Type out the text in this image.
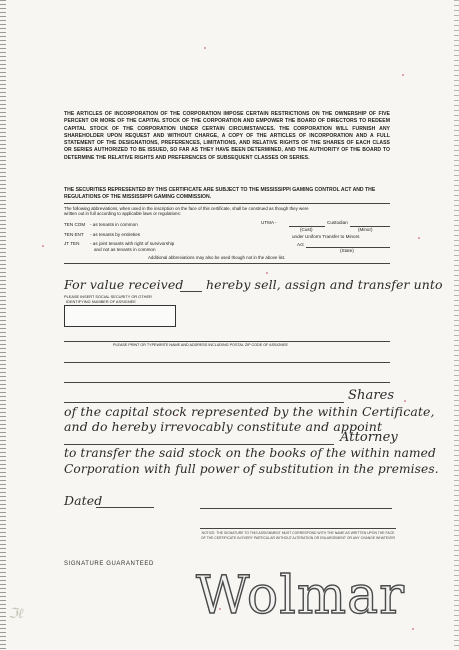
THE ARTICLES OF INCORPORATION OF THE CORPORATION IMPOSE CERTAIN RESTRICTIONS ON THE OWNERSHIP OF FIVE PERCENT OR MORE OF THE CAPITAL STOCK OF THE CORPORATION AND EMPOWER THE BOARD OF DIRECTORS TO REDEEM CAPITAL STOCK OF THE CORPORATION UNDER CERTAIN CIRCUMSTANCES. THE CORPORATION WILL FURNISH ANY SHAREHOLDER UPON REQUEST AND WITHOUT CHARGE, A COPY OF THE ARTICLES OF INCORPORATION AND A FULL STATEMENT OF THE DESIGNATIONS, PREFERENCES, LIMITATIONS, AND RELATIVE RIGHTS OF THE SHARES OF EACH CLASS OR SERIES AUTHORIZED TO BE ISSUED, SO FAR AS THEY HAVE BEEN DETERMINED, AND THE AUTHORITY OF THE BOARD TO DETERMINE THE RELATIVE RIGHTS AND PREFERENCES OF SUBSEQUENT CLASSES OR SERIES.
THE SECURITIES REPRESENTED BY THIS CERTIFICATE ARE SUBJECT TO THE MISSISSIPPI GAMING CONTROL ACT AND THE REGULATIONS OF THE MISSISSIPPI GAMING COMMISSION.
The following abbreviations, when used in the inscription on the face of this certificate, shall be construed as though they were
written out in full according to applicable laws or regulations:
TEN COM - as tenants in common
TEN ENT - as tenants by entireties
JT TEN - as joint tenants with right of survivorship
and not as tenants in common
UTMA -	Custodian
(Cust)	(Minor)
under Uniform Transfer to Minors
Act
(State)
Additional abbreviations may also be used though not in the above list.
For value received hereby sell, assign and transfer unto
PLEASE INSERT SOCIAL SECURITY OR OTHER
IDENTIFYING NUMBER OF ASSIGNEE
PLEASE PRINT OR TYPEWRITE NAME AND ADDRESS INCLUDING POSTAL ZIP CODE OF ASSIGNEE
Shares
of the capital stock represented by the within Certificate,
and do hereby irrevocably constitute and appoint
Attorney
to transfer the said stock on the books of the within named
Corporation with full power of substitution in the premises.
Dated
NOTICE: THE SIGNATURE TO THIS ASSIGNMENT MUST CORRESPOND WITH THE NAME AS WRITTEN UPON THE FACE OF THE CERTIFICATE IN EVERY PARTICULAR WITHOUT ALTERATION OR ENLARGEMENT OR ANY CHANGE WHATEVER
SIGNATURE GUARANTEED
ℑℓ	Wolmar
